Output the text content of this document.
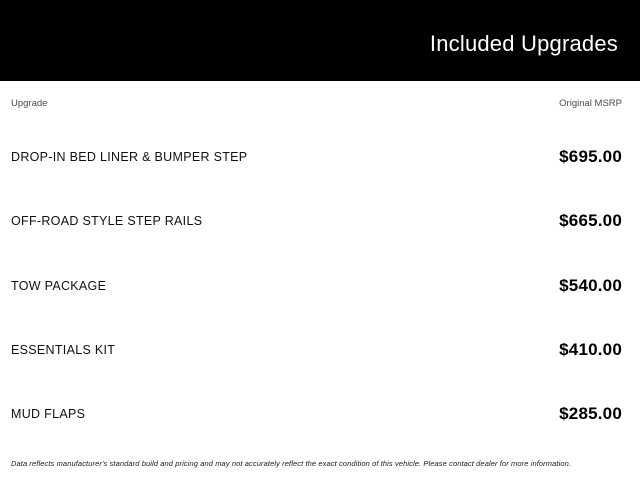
Included Upgrades
Upgrade	Original MSRP
DROP-IN BED LINER & BUMPER STEP	$695.00
OFF-ROAD STYLE STEP RAILS	$665.00
TOW PACKAGE	$540.00
ESSENTIALS KIT	$410.00
MUD FLAPS	$285.00
Data reflects manufacturer's standard build and pricing and may not accurately reflect the exact condition of this vehicle. Please contact dealer for more information.
